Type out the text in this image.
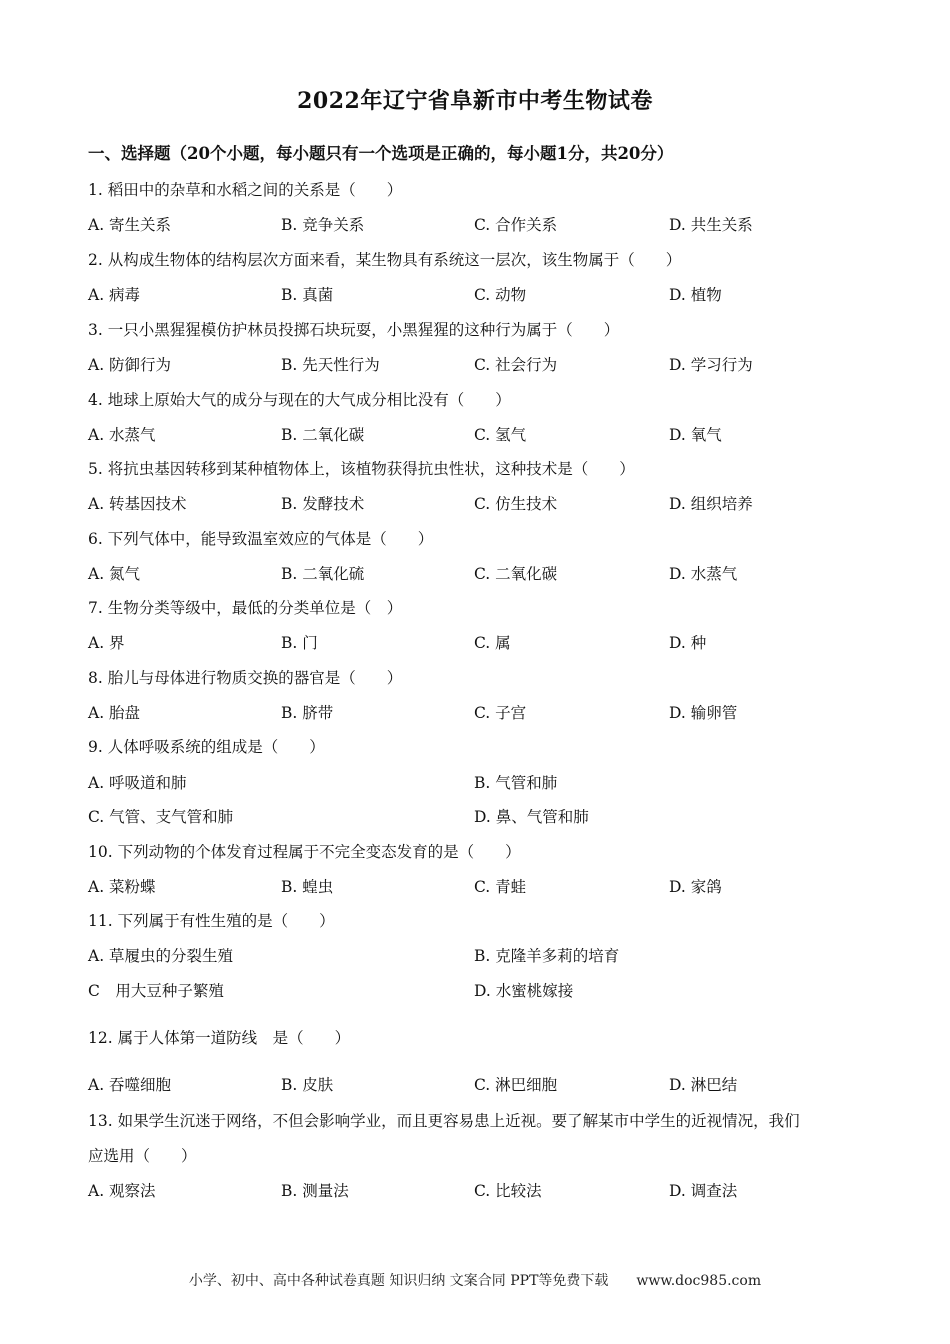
2022年辽宁省阜新市中考生物试卷
一、选择题（20个小题，每小题只有一个选项是正确的，每小题1分，共20分）
1. 稻田中的杂草和水稻之间的关系是（　　）
A. 寄生关系	B. 竞争关系	C. 合作关系	D. 共生关系
2. 从构成生物体的结构层次方面来看，某生物具有系统这一层次，该生物属于（　　）
A. 病毒	B. 真菌	C. 动物	D. 植物
3. 一只小黑猩猩模仿护林员投掷石块玩耍，小黑猩猩的这种行为属于（　　）
A. 防御行为	B. 先天性行为	C. 社会行为	D. 学习行为
4. 地球上原始大气的成分与现在的大气成分相比没有（　　）
A. 水蒸气	B. 二氧化碳	C. 氢气	D. 氧气
5. 将抗虫基因转移到某种植物体上，该植物获得抗虫性状，这种技术是（　　）
A. 转基因技术	B. 发酵技术	C. 仿生技术	D. 组织培养
6. 下列气体中，能导致温室效应的气体是（　　）
A. 氮气	B. 二氧化硫	C. 二氧化碳	D. 水蒸气
7. 生物分类等级中，最低的分类单位是（　）
A. 界	B. 门	C. 属	D. 种
8. 胎儿与母体进行物质交换的器官是（　　）
A. 胎盘	B. 脐带	C. 子宫	D. 输卵管
9. 人体呼吸系统的组成是（　　）
A. 呼吸道和肺	B. 气管和肺
C. 气管、支气管和肺	D. 鼻、气管和肺
10. 下列动物的个体发育过程属于不完全变态发育的是（　　）
A. 菜粉蝶	B. 蝗虫	C. 青蛙	D. 家鸽
11. 下列属于有性生殖的是（　　）
A. 草履虫的分裂生殖	B. 克隆羊多莉的培育
C　用大豆种子繁殖	D. 水蜜桃嫁接
12. 属于人体第一道防线　是（　　）
A. 吞噬细胞	B. 皮肤	C. 淋巴细胞	D. 淋巴结
13. 如果学生沉迷于网络，不但会影响学业，而且更容易患上近视。要了解某市中学生的近视情况，我们
应选用（　　）
A. 观察法	B. 测量法	C. 比较法	D. 调查法
小学、初中、高中各种试卷真题 知识归纳 文案合同 PPT等免费下载　　www.doc985.com
